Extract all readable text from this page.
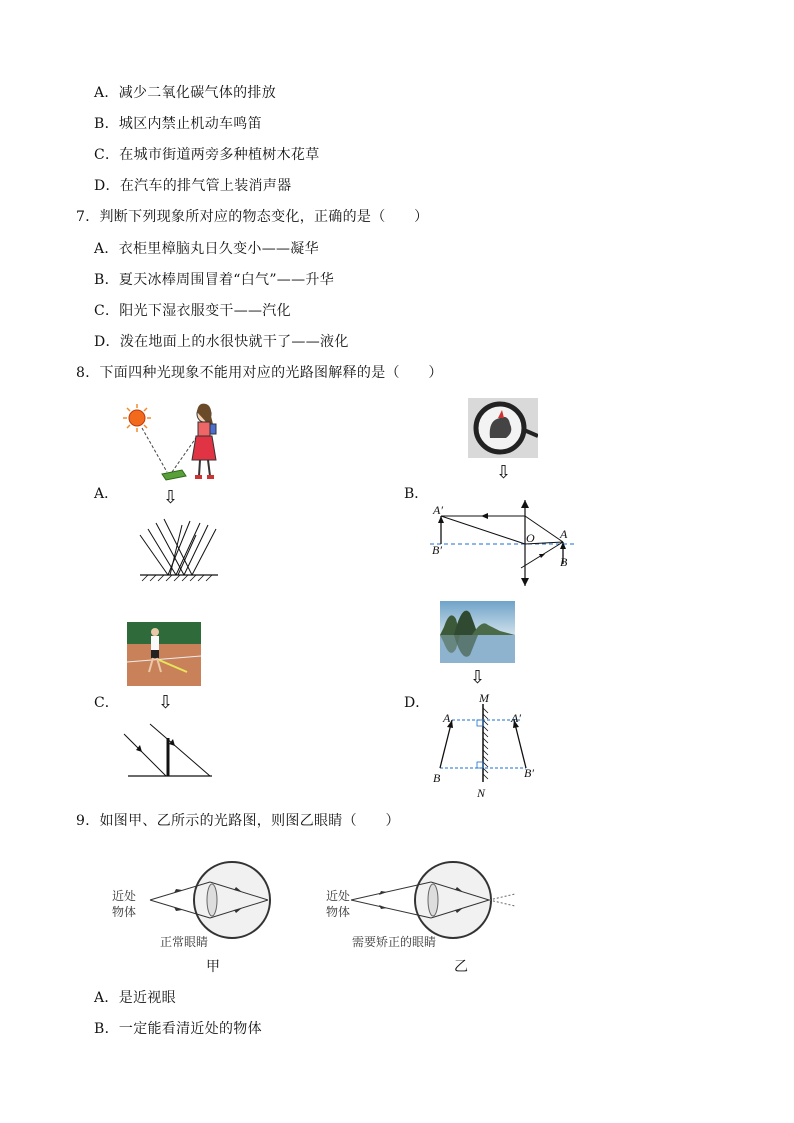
A．减少二氧化碳气体的排放
B．城区内禁止机动车鸣笛
C．在城市街道两旁多种植树木花草
D．在汽车的排气管上装消声器
7．判断下列现象所对应的物态变化，正确的是（　　）
A．衣柜里樟脑丸日久变小——凝华
B．夏天冰棒周围冒着“白气”——升华
C．阳光下湿衣服变干——汽化
D．泼在地面上的水很快就干了——液化
8．下面四种光现象不能用对应的光路图解释的是（　　）
A． ⇩	B．
⇩
A′
B′
O A
B
C． ⇩	D．
⇩
M
N
A
B
A′
B′
9．如图甲、乙所示的光路图，则图乙眼睛（　　）
近处
物体
正常眼睛
甲
近处
物体
需要矫正的眼睛
乙
A．是近视眼
B．一定能看清近处的物体
